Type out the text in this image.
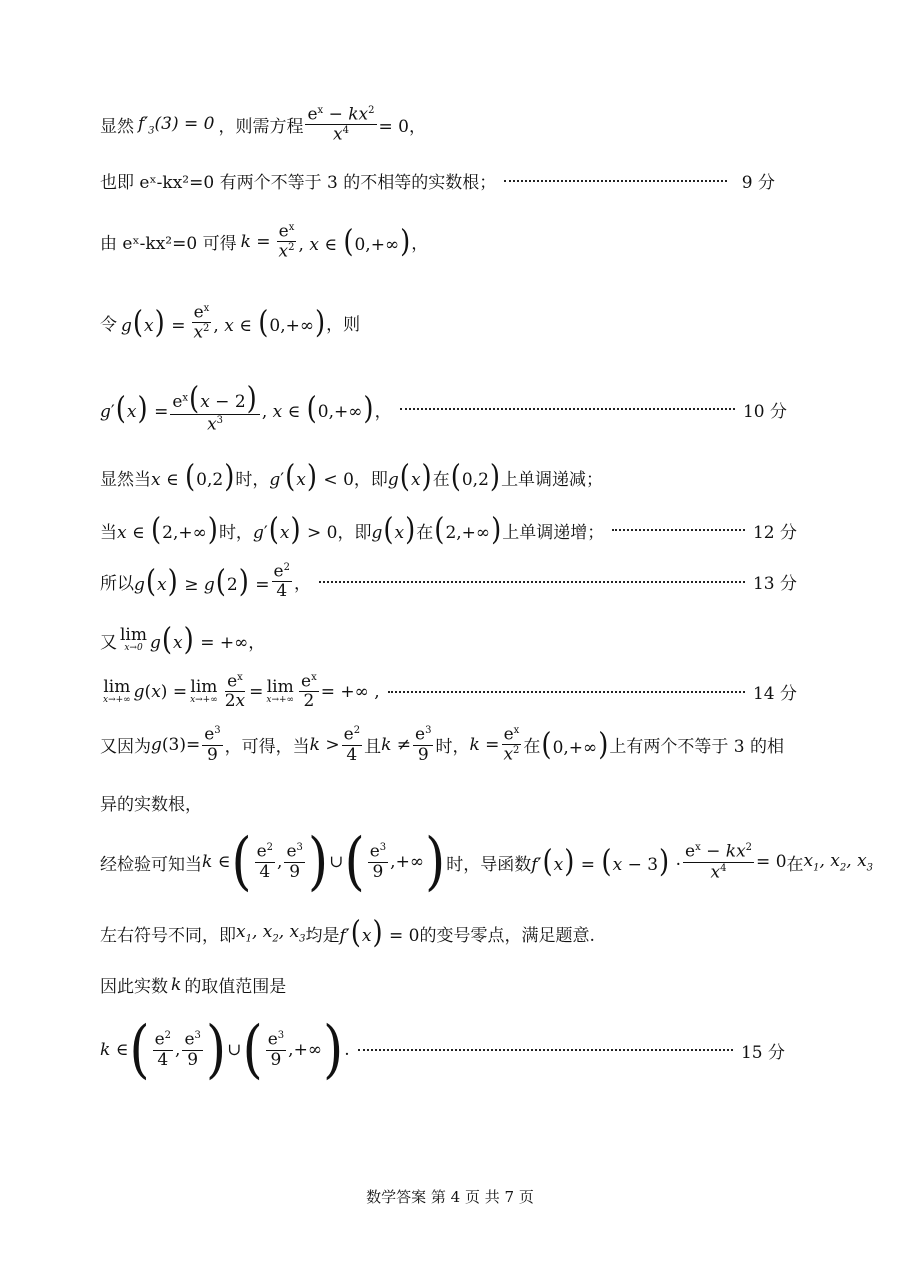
显然 $f'_3(3) = 0$ ，则需方程 $\frac{e^x - kx^2}{x^4} = 0$，
也即 eˣ-kx²=0 有两个不等于 3 的不相等的实数根；	9 分
由 eˣ-kx²=0 可得 $k = \frac{e^x}{x^2}$ , x ∈ (0,+∞) ，
令 $g(x) = \frac{e^x}{x^2}$ , x ∈ (0,+∞) ，则
$g'(x) = \frac{e^x(x - 2)}{x^3}$ , x ∈ (0,+∞)，	10 分
显然当 x ∈ (0,2) 时， g′(x) < 0 ，即 g(x) 在 (0,2) 上单调递减；
当 x ∈ (2,+∞) 时， g′(x) > 0 ，即 g(x) 在 (2,+∞) 上单调递增；	12 分
所以 $g(x) \ge g(2) = \frac{e^2}{4}$ ，	13 分
又 lim
x→0 g(x) = +∞ ，
lim
x→+∞ g(x) = lim
$x\to+\infty \frac{e^x}{2x} = \lim$
$x\to+\infty \frac{e^x}{2}$ = +∞ ,	14 分
又因为 $g(3)= \frac{e^3}{9}$ ，可得，当 $k > \frac{e^2}{4}$ 且 $k \ne \frac{e^3}{9}$ 时， $k = \frac{e^x}{x^2}$ 在 (0,+∞) 上有两个不等于 3 的相
异的实数根，
经检验可知当 k ∈ ( $\frac{e^2}{4}$ , $\frac{e^3}{9}$ ) ∪ ( $\frac{e^3}{9}$ ,+∞ ) 时，导函数 $f'(x) = (x - 3) \cdot \frac{e^x - kx^2}{x^4} = 0$ 在 $x_1$, $x_2$, $x_3$
左右符号不同，即 $x_1$, $x_2$, $x_3$ 均是 f′(x) = 0 的变号零点，满足题意.
因此实数 k 的取值范围是
k ∈ ( $\frac{e^2}{4}$ , $\frac{e^3}{9}$ ) ∪ ( $\frac{e^3}{9}$ ,+∞ ) .	15 分
数学答案 第 4 页 共 7 页
